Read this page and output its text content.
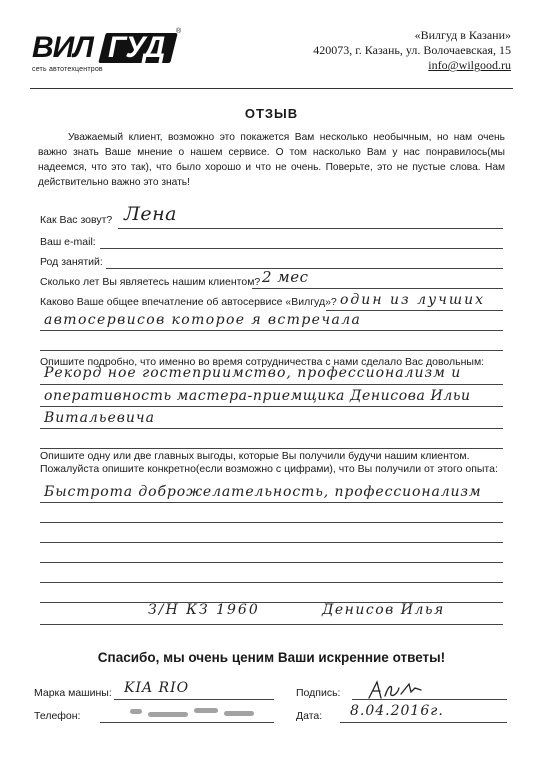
ВИЛ ГУД ®
сеть автотехцентров
«Вилгуд в Казани»
420073, г. Казань, ул. Волочаевская, 15
info@wilgood.ru
ОТЗЫВ
Уважаемый клиент, возможно это покажется Вам несколько необычным, но нам очень важно знать Ваше мнение о нашем сервисе. О том насколько Вам у нас понравилось(мы надеемся, что это так), что было хорошо и что не очень. Поверьте, это не пустые слова. Нам действительно важно это знать!
Как Вас зовут? Лена
Ваш e-mail:
Род занятий:
Сколько лет Вы являетесь нашим клиентом? 2 мес
Каково Ваше общее впечатление об автосервисе «Вилгуд»? один из лучших
автосервисов которое я встречала
Опишите подробно, что именно во время сотрудничества с нами сделало Вас довольным:
Рекорд ное гостеприимство, профессионализм и
оперативность мастера-приемщика Денисова Ильи
Витальевича
Опишите одну или две главных выгоды, которые Вы получили будучи нашим клиентом.
Пожалуйста опишите конкретно(если возможно с цифрами), что Вы получили от этого опыта:
Быстрота доброжелательность, профессионализм
З/Н КЗ 1960	Денисов Илья
Спасибо, мы очень ценим Ваши искренние ответы!
Марка машины: KIA RIO	Подпись:
Телефон:	Дата: 8.04.2016г.
